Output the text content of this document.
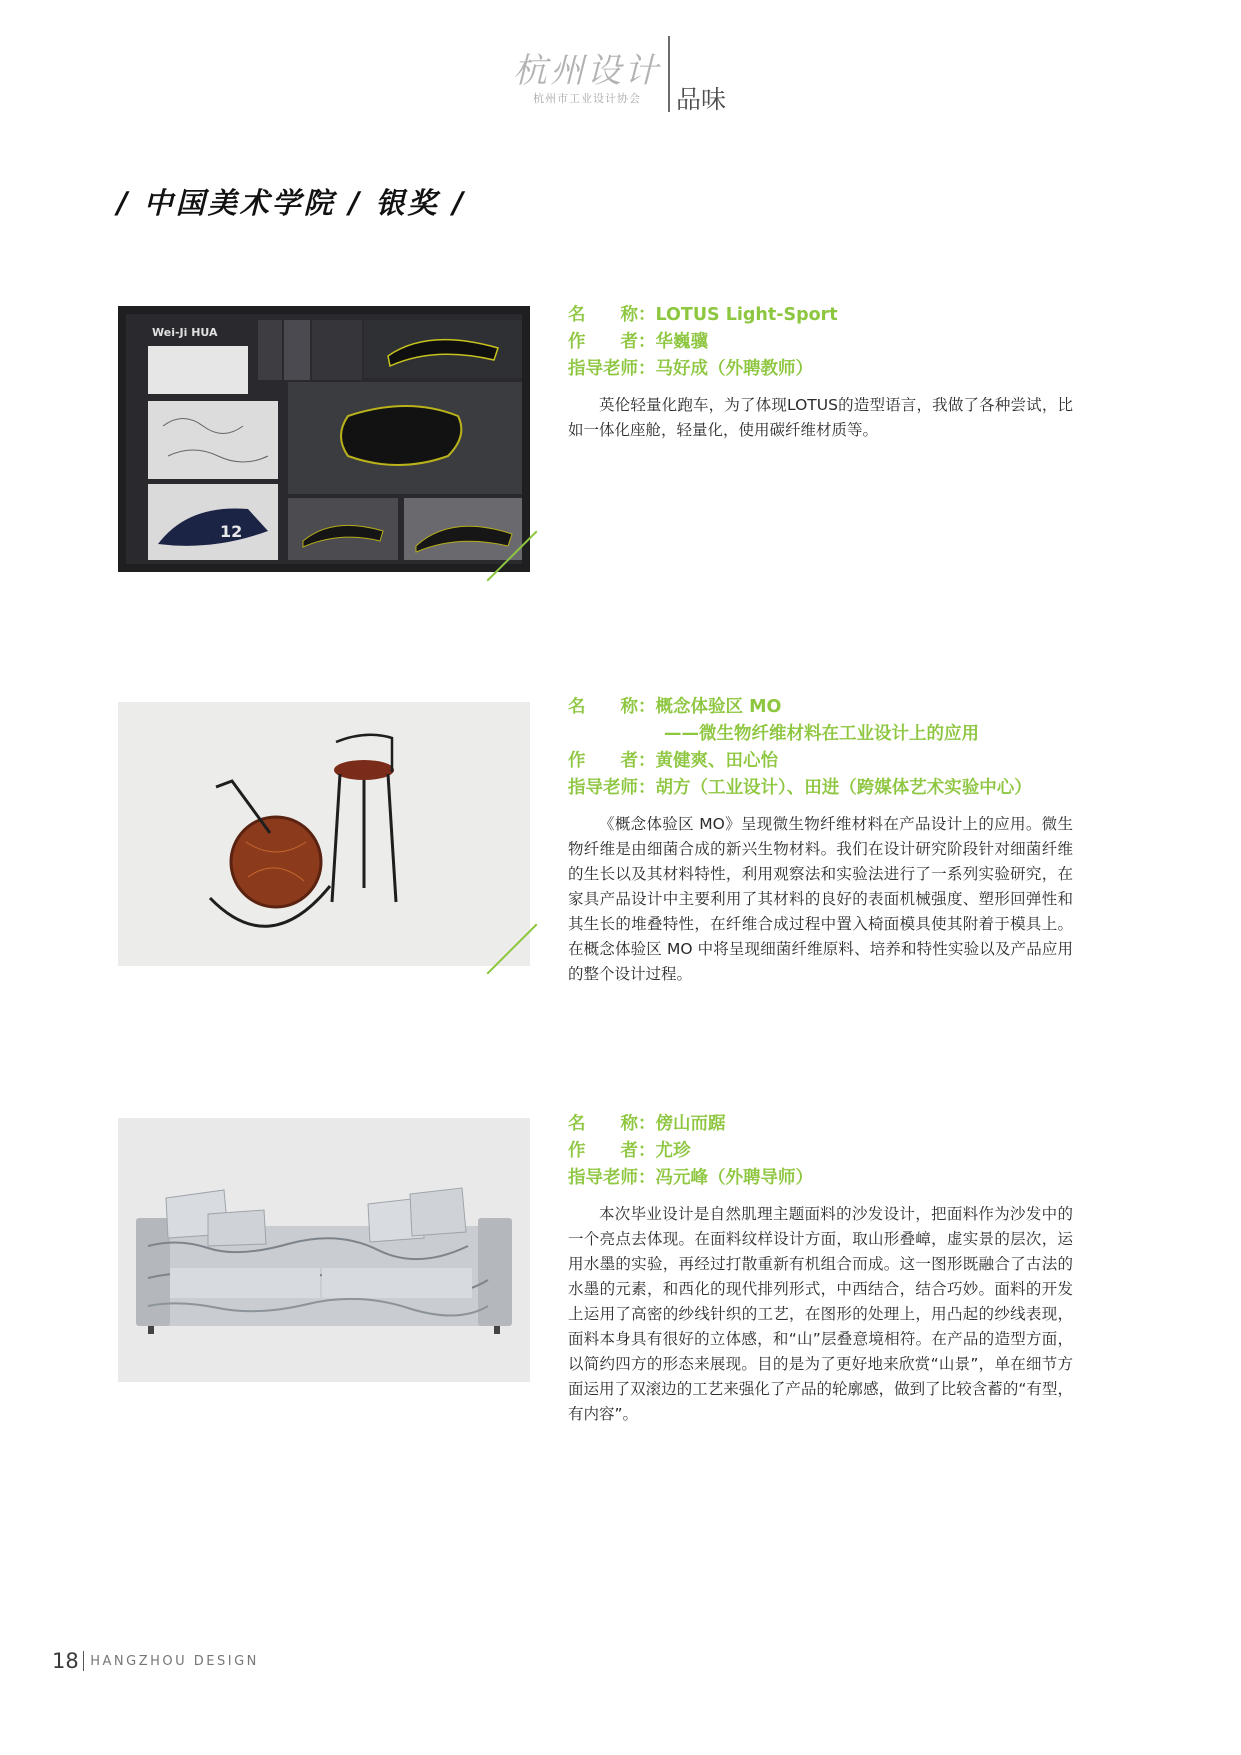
杭州设计
杭州市工业设计协会	品味
/ 中国美术学院 / 银奖 /
12
Wei-Ji HUA
名　　称：LOTUS Light-Sport
作　　者：华巍骥
指导老师：马好成（外聘教师）

英伦轻量化跑车，为了体现LOTUS的造型语言，我做了各种尝试，比如一体化座舱，轻量化，使用碳纤维材质等。

名　　称：概念体验区 MO
——微生物纤维材料在工业设计上的应用
作　　者：黄健爽、田心怡
指导老师：胡方（工业设计）、田进（跨媒体艺术实验中心）

《概念体验区 MO》呈现微生物纤维材料在产品设计上的应用。微生物纤维是由细菌合成的新兴生物材料。我们在设计研究阶段针对细菌纤维的生长以及其材料特性，利用观察法和实验法进行了一系列实验研究，在家具产品设计中主要利用了其材料的良好的表面机械强度、塑形回弹性和其生长的堆叠特性，在纤维合成过程中置入椅面模具使其附着于模具上。在概念体验区 MO 中将呈现细菌纤维原料、培养和特性实验以及产品应用的整个设计过程。

名　　称：傍山而踞
作　　者：尤珍
指导老师：冯元峰（外聘导师）

本次毕业设计是自然肌理主题面料的沙发设计，把面料作为沙发中的一个亮点去体现。在面料纹样设计方面，取山形叠嶂，虚实景的层次，运用水墨的实验，再经过打散重新有机组合而成。这一图形既融合了古法的水墨的元素，和西化的现代排列形式，中西结合，结合巧妙。面料的开发上运用了高密的纱线针织的工艺，在图形的处理上，用凸起的纱线表现，面料本身具有很好的立体感，和“山”层叠意境相符。在产品的造型方面，以简约四方的形态来展现。目的是为了更好地来欣赏“山景”，单在细节方面运用了双滚边的工艺来强化了产品的轮廓感，做到了比较含蓄的“有型，有内容”。

18 HANGZHOU DESIGN
